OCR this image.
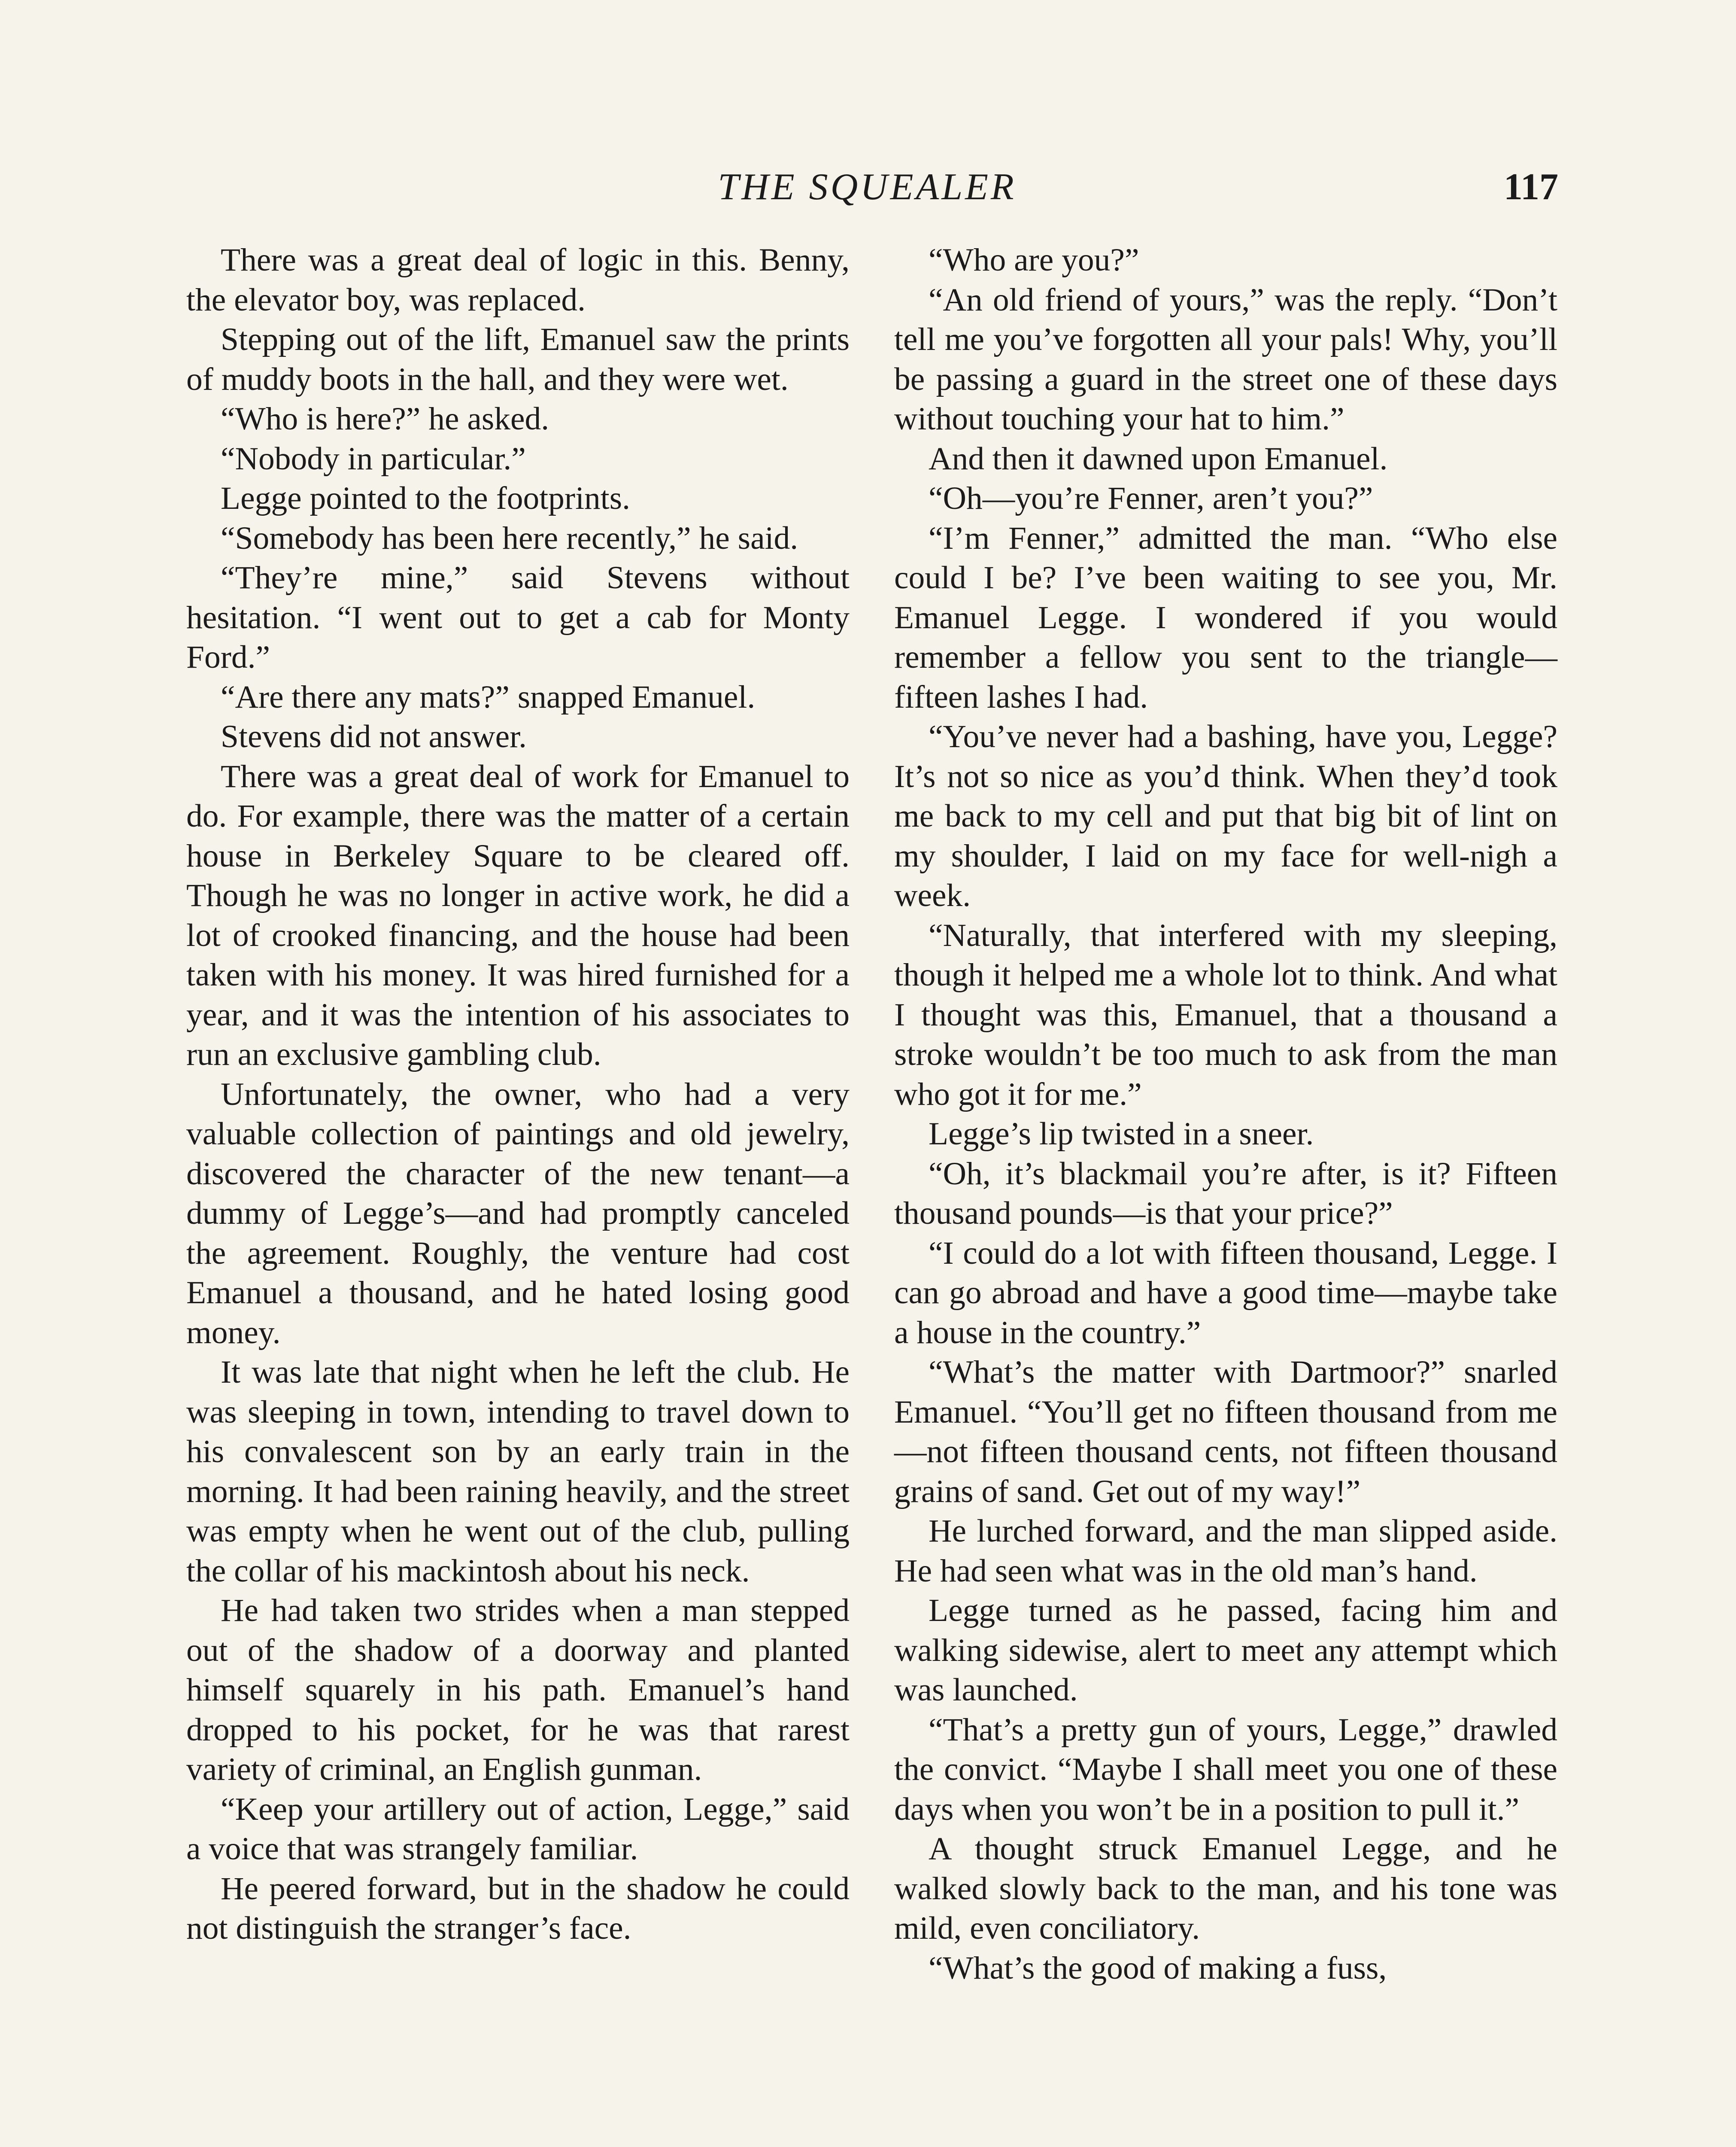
THE SQUEALER	117

There was a great deal of logic in this. Benny, the elevator boy, was replaced.

Stepping out of the lift, Emanuel saw the prints of muddy boots in the hall, and they were wet.

“Who is here?” he asked.

“Nobody in particular.”

Legge pointed to the footprints.

“Somebody has been here recently,” he said.

“They’re mine,” said Stevens without hesitation. “I went out to get a cab for Monty Ford.”

“Are there any mats?” snapped Emanuel.

Stevens did not answer.

There was a great deal of work for Emanuel to do. For example, there was the matter of a certain house in Berkeley Square to be cleared off. Though he was no longer in active work, he did a lot of crooked financing, and the house had been taken with his money. It was hired furnished for a year, and it was the intention of his associates to run an exclusive gambling club.

Unfortunately, the owner, who had a very valuable collection of paintings and old jewelry, discovered the character of the new tenant—a dummy of Legge’s—and had promptly canceled the agreement. Roughly, the venture had cost Emanuel a thousand, and he hated losing good money.

It was late that night when he left the club. He was sleeping in town, intending to travel down to his convalescent son by an early train in the morning. It had been raining heavily, and the street was empty when he went out of the club, pulling the collar of his mackintosh about his neck.

He had taken two strides when a man stepped out of the shadow of a doorway and planted himself squarely in his path. Emanuel’s hand dropped to his pocket, for he was that rarest variety of criminal, an English gunman.

“Keep your artillery out of action, Legge,” said a voice that was strangely familiar.

He peered forward, but in the shadow he could not distinguish the stranger’s face.

“Who are you?”

“An old friend of yours,” was the reply. “Don’t tell me you’ve forgotten all your pals! Why, you’ll be passing a guard in the street one of these days without touching your hat to him.”

And then it dawned upon Emanuel.

“Oh—you’re Fenner, aren’t you?”

“I’m Fenner,” admitted the man. “Who else could I be? I’ve been waiting to see you, Mr. Emanuel Legge. I wondered if you would remember a fellow you sent to the triangle—fifteen lashes I had.

“You’ve never had a bashing, have you, Legge? It’s not so nice as you’d think. When they’d took me back to my cell and put that big bit of lint on my shoulder, I laid on my face for well-nigh a week.

“Naturally, that interfered with my sleeping, though it helped me a whole lot to think. And what I thought was this, Emanuel, that a thousand a stroke wouldn’t be too much to ask from the man who got it for me.”

Legge’s lip twisted in a sneer.

“Oh, it’s blackmail you’re after, is it? Fifteen thousand pounds—is that your price?”

“I could do a lot with fifteen thousand, Legge. I can go abroad and have a good time—maybe take a house in the country.”

“What’s the matter with Dartmoor?” snarled Emanuel. “You’ll get no fifteen thousand from me—not fifteen thousand cents, not fifteen thousand grains of sand. Get out of my way!”

He lurched forward, and the man slipped aside. He had seen what was in the old man’s hand.

Legge turned as he passed, facing him and walking sidewise, alert to meet any attempt which was launched.

“That’s a pretty gun of yours, Legge,” drawled the convict. “Maybe I shall meet you one of these days when you won’t be in a position to pull it.”

A thought struck Emanuel Legge, and he walked slowly back to the man, and his tone was mild, even conciliatory.

“What’s the good of making a fuss,
